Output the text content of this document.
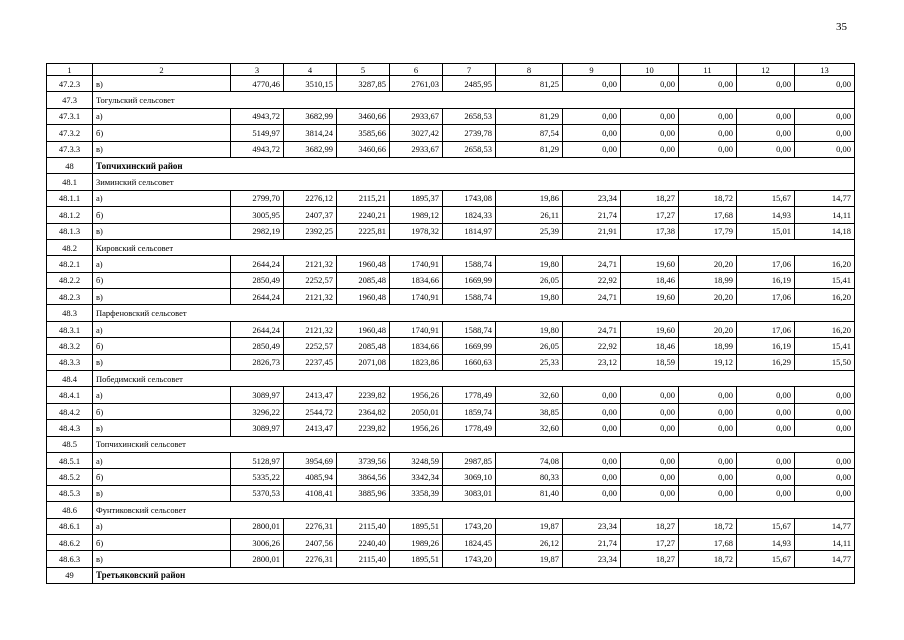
35
1	2	3	4	5	6	7	8	9	10	11	12	13
47.2.3	в)	4770,46	3510,15	3287,85	2761,03	2485,95	81,25	0,00	0,00	0,00	0,00	0,00
47.3	Тогульский сельсовет											
47.3.1	а)	4943,72	3682,99	3460,66	2933,67	2658,53	81,29	0,00	0,00	0,00	0,00	0,00
47.3.2	б)	5149,97	3814,24	3585,66	3027,42	2739,78	87,54	0,00	0,00	0,00	0,00	0,00
47.3.3	в)	4943,72	3682,99	3460,66	2933,67	2658,53	81,29	0,00	0,00	0,00	0,00	0,00
48	Топчихинский район											
48.1	Зиминский сельсовет											
48.1.1	а)	2799,70	2276,12	2115,21	1895,37	1743,08	19,86	23,34	18,27	18,72	15,67	14,77
48.1.2	б)	3005,95	2407,37	2240,21	1989,12	1824,33	26,11	21,74	17,27	17,68	14,93	14,11
48.1.3	в)	2982,19	2392,25	2225,81	1978,32	1814,97	25,39	21,91	17,38	17,79	15,01	14,18
48.2	Кировский сельсовет											
48.2.1	а)	2644,24	2121,32	1960,48	1740,91	1588,74	19,80	24,71	19,60	20,20	17,06	16,20
48.2.2	б)	2850,49	2252,57	2085,48	1834,66	1669,99	26,05	22,92	18,46	18,99	16,19	15,41
48.2.3	в)	2644,24	2121,32	1960,48	1740,91	1588,74	19,80	24,71	19,60	20,20	17,06	16,20
48.3	Парфеновский сельсовет											
48.3.1	а)	2644,24	2121,32	1960,48	1740,91	1588,74	19,80	24,71	19,60	20,20	17,06	16,20
48.3.2	б)	2850,49	2252,57	2085,48	1834,66	1669,99	26,05	22,92	18,46	18,99	16,19	15,41
48.3.3	в)	2826,73	2237,45	2071,08	1823,86	1660,63	25,33	23,12	18,59	19,12	16,29	15,50
48.4	Победимский сельсовет											
48.4.1	а)	3089,97	2413,47	2239,82	1956,26	1778,49	32,60	0,00	0,00	0,00	0,00	0,00
48.4.2	б)	3296,22	2544,72	2364,82	2050,01	1859,74	38,85	0,00	0,00	0,00	0,00	0,00
48.4.3	в)	3089,97	2413,47	2239,82	1956,26	1778,49	32,60	0,00	0,00	0,00	0,00	0,00
48.5	Топчихинский сельсовет											
48.5.1	а)	5128,97	3954,69	3739,56	3248,59	2987,85	74,08	0,00	0,00	0,00	0,00	0,00
48.5.2	б)	5335,22	4085,94	3864,56	3342,34	3069,10	80,33	0,00	0,00	0,00	0,00	0,00
48.5.3	в)	5370,53	4108,41	3885,96	3358,39	3083,01	81,40	0,00	0,00	0,00	0,00	0,00
48.6	Фунтиковский сельсовет											
48.6.1	а)	2800,01	2276,31	2115,40	1895,51	1743,20	19,87	23,34	18,27	18,72	15,67	14,77
48.6.2	б)	3006,26	2407,56	2240,40	1989,26	1824,45	26,12	21,74	17,27	17,68	14,93	14,11
48.6.3	в)	2800,01	2276,31	2115,40	1895,51	1743,20	19,87	23,34	18,27	18,72	15,67	14,77
49	Третьяковский район											
